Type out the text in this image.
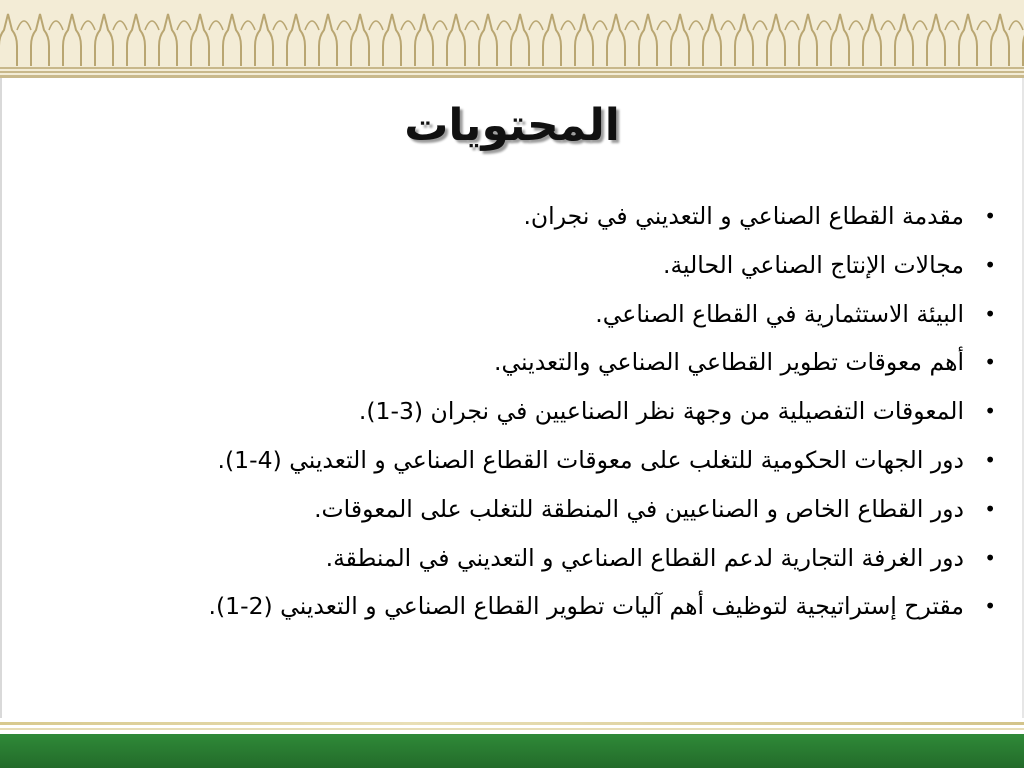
المحتويات
•
مقدمة القطاع الصناعي و التعديني في نجران.
•
مجالات الإنتاج الصناعي الحالية.
•
البيئة الاستثمارية في القطاع الصناعي.
•
أهم معوقات تطوير القطاعي الصناعي والتعديني.
•
المعوقات التفصيلية من وجهة نظر الصناعيين في نجران (3-1).
•
دور الجهات الحكومية للتغلب على معوقات القطاع الصناعي و التعديني (4-1).
•
دور القطاع الخاص و الصناعيين في المنطقة للتغلب على المعوقات.
•
دور الغرفة التجارية لدعم القطاع الصناعي و التعديني في المنطقة.
•
مقترح إستراتيجية لتوظيف أهم آليات تطوير القطاع الصناعي و التعديني (2-1).
